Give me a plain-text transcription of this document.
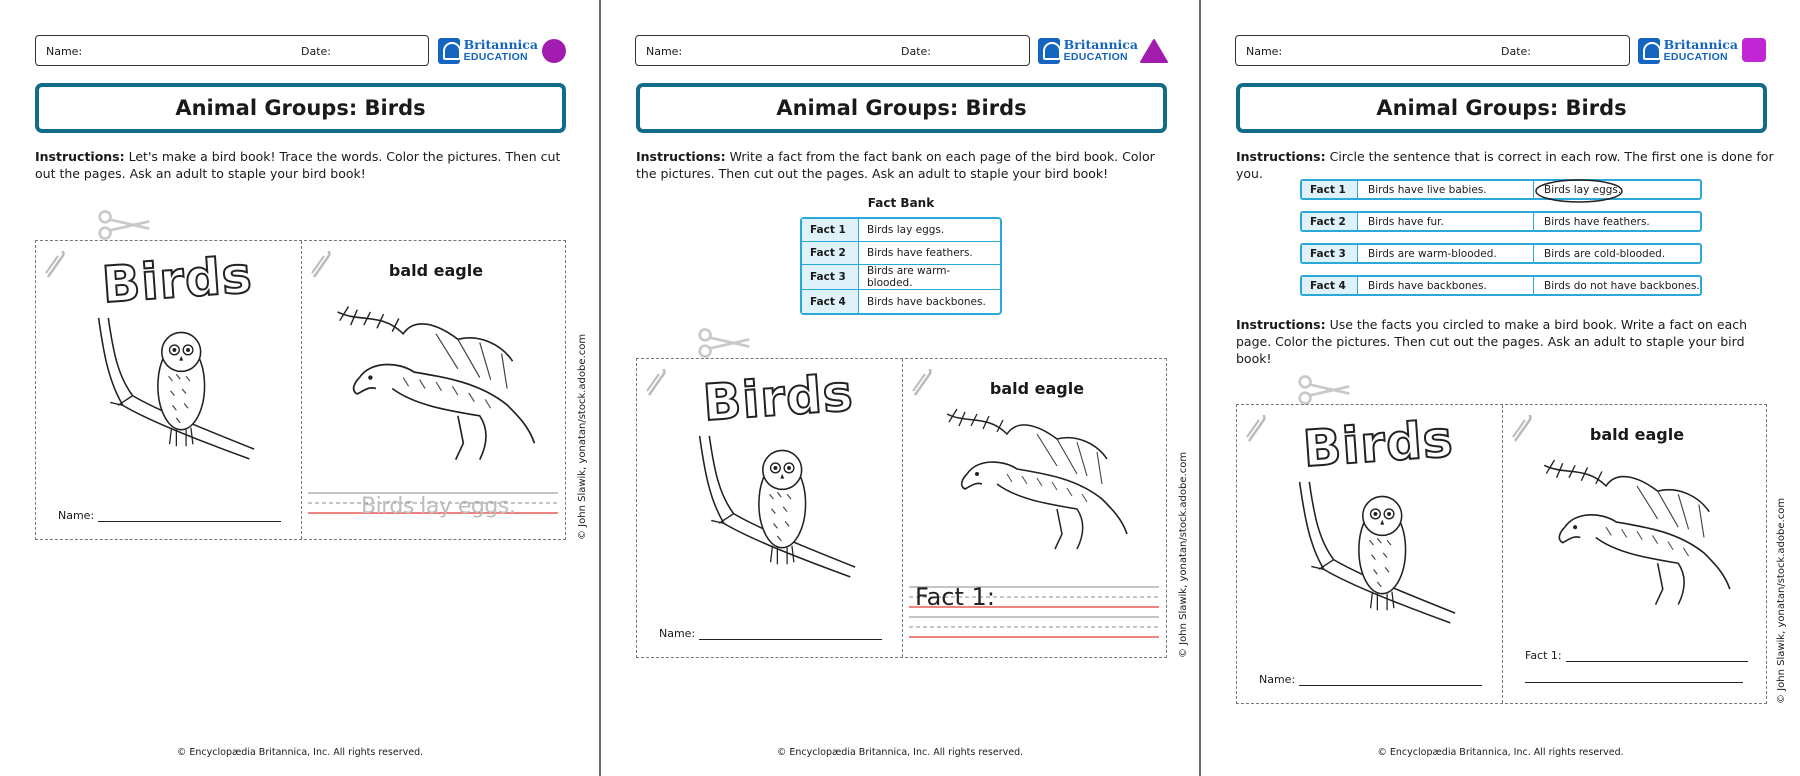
Name:	Date:	Britannica
EDUCATION
Animal Groups: Birds
Instructions: Let's make a bird book! Trace the words. Color the pictures. Then cut out the pages. Ask an adult to staple your bird book!
Birds
Name:
bald eagle
Birds lay eggs.	© John Slawik, yonatan/stock.adobe.com
© Encyclopædia Britannica, Inc. All rights reserved.
Name:	Date:	Britannica
EDUCATION
Animal Groups: Birds
Instructions: Write a fact from the fact bank on each page of the bird book. Color the pictures. Then cut out the pages. Ask an adult to staple your bird book!
Fact Bank
Fact 1	Birds lay eggs.
Fact 2	Birds have feathers.
Fact 3	Birds are warm-blooded.
Fact 4	Birds have backbones.
Birds
Name:
bald eagle
Fact 1:	© John Slawik, yonatan/stock.adobe.com
© Encyclopædia Britannica, Inc. All rights reserved.
Name:	Date:	Britannica
EDUCATION
Animal Groups: Birds
Instructions: Circle the sentence that is correct in each row. The first one is done for you.
Fact 1	Birds have live babies.	Birds lay eggs.
Fact 2	Birds have fur.	Birds have feathers.
Fact 3	Birds are warm-blooded.	Birds are cold-blooded.
Fact 4	Birds have backbones.	Birds do not have backbones.
Instructions: Use the facts you circled to make a bird book. Write a fact on each page. Color the pictures. Then cut out the pages. Ask an adult to staple your bird book!
Birds
Name:
bald eagle
Fact 1:	© John Slawik, yonatan/stock.adobe.com
© Encyclopædia Britannica, Inc. All rights reserved.
